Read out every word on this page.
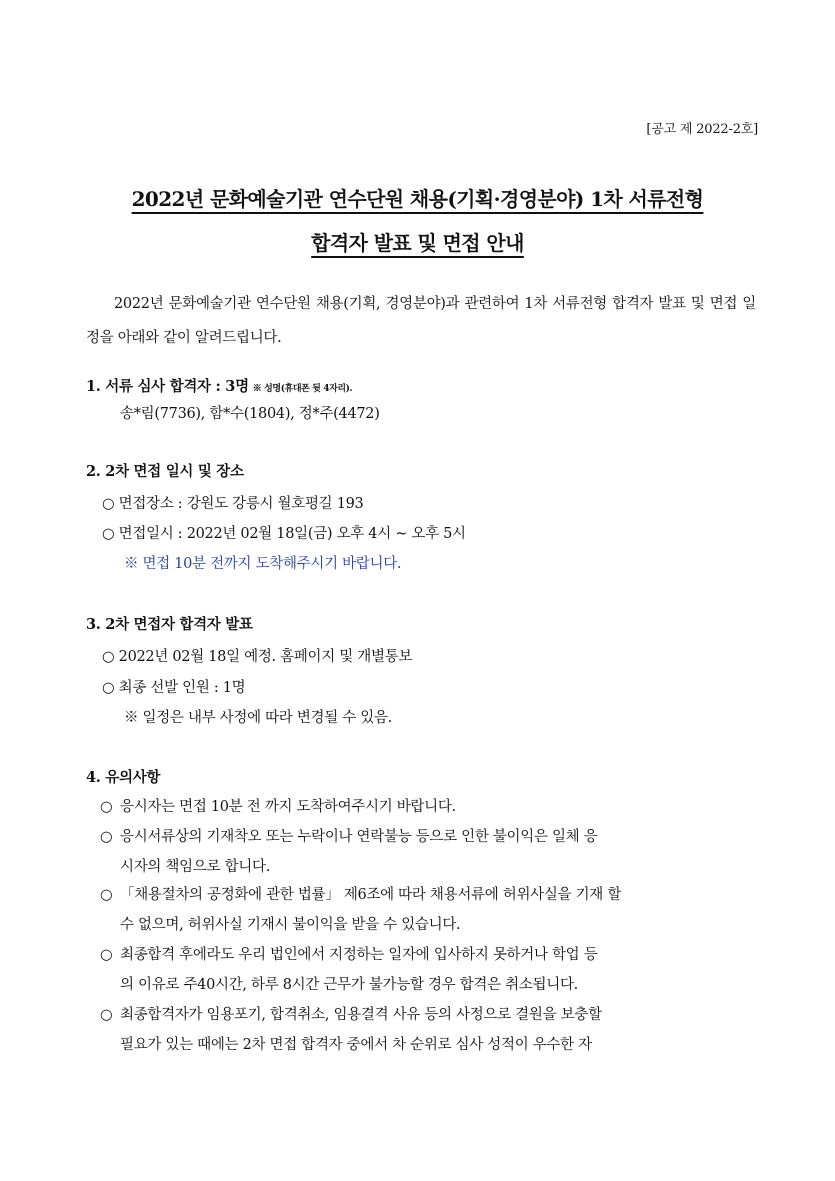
[공고 제 2022-2호]
2022년 문화예술기관 연수단원 채용(기획·경영분야) 1차 서류전형
합격자 발표 및 면접 안내
2022년 문화예술기관 연수단원 채용(기획, 경영분야)과 관련하여 1차 서류전형 합격자 발표 및 면접 일정을 아래와 같이 알려드립니다.
1. 서류 심사 합격자 : 3명 ※ 성명(휴대폰 뒷 4자리).
송*림(7736), 함*수(1804), 정*주(4472)
2. 2차 면접 일시 및 장소
○ 면접장소 : 강원도 강릉시 월호평길 193
○ 면접일시 : 2022년 02월 18일(금) 오후 4시 ~ 오후 5시
※ 면접 10분 전까지 도착해주시기 바랍니다.
3. 2차 면접자 합격자 발표
○ 2022년 02월 18일 예정. 홈페이지 및 개별통보
○ 최종 선발 인원 : 1명
※ 일정은 내부 사정에 따라 변경될 수 있음.
4. 유의사항
○ 응시자는 면접 10분 전 까지 도착하여주시기 바랍니다.
○ 응시서류상의 기재착오 또는 누락이나 연락불능 등으로 인한 불이익은 일체 응
시자의 책임으로 합니다.
○ 「채용절차의 공정화에 관한 법률」 제6조에 따라 채용서류에 허위사실을 기재 할
수 없으며, 허위사실 기재시 불이익을 받을 수 있습니다.
○ 최종합격 후에라도 우리 법인에서 지정하는 일자에 입사하지 못하거나 학업 등
의 이유로 주40시간, 하루 8시간 근무가 불가능할 경우 합격은 취소됩니다.
○ 최종합격자가 임용포기, 합격취소, 임용결격 사유 등의 사정으로 결원을 보충할
필요가 있는 때에는 2차 면접 합격자 중에서 차 순위로 심사 성적이 우수한 자
